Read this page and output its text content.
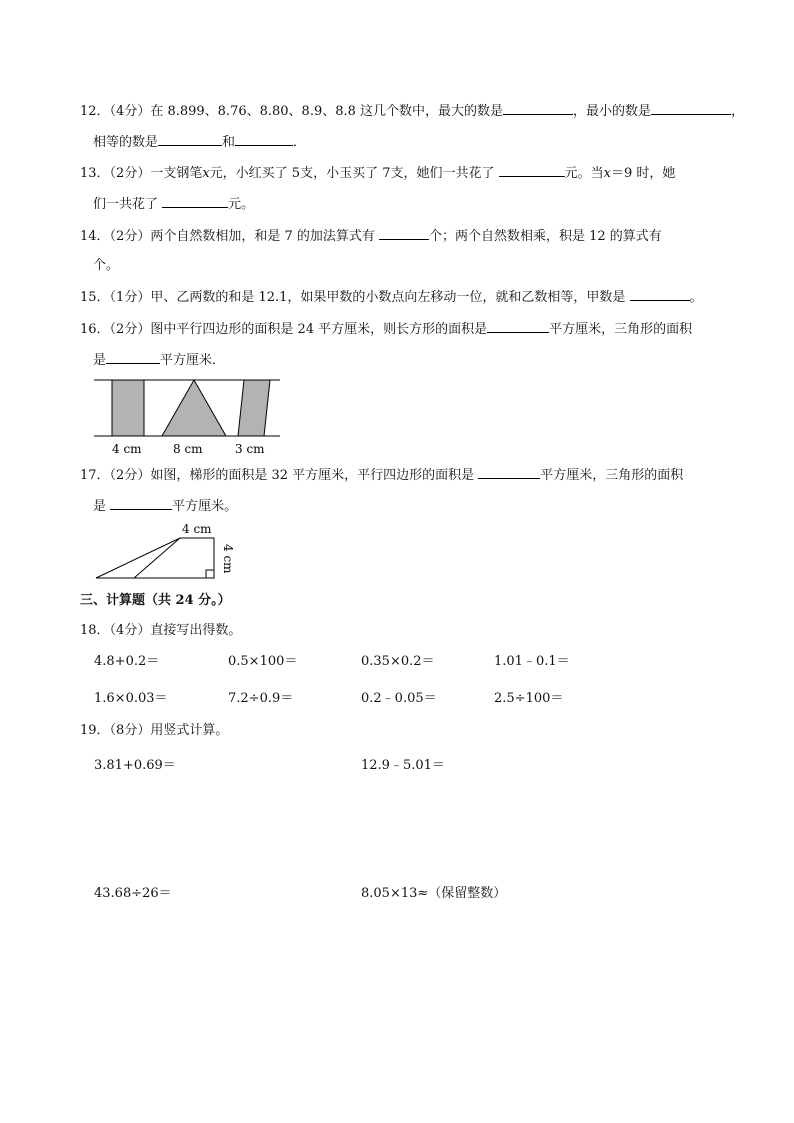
12．（4分）在 8.899、8.76、8.80、8.9、8.8 这几个数中，最大的数是	，最小的数是	，
相等的数是	和	．
13．（2分）一支钢笔x元，小红买了 5支，小玉买了 7支，她们一共花了	元。当x＝9 时，她
们一共花了	元。
14．（2分）两个自然数相加，和是 7 的加法算式有	个；两个自然数相乘，积是 12 的算式有
个。
15．（1分）甲、乙两数的和是 12.1，如果甲数的小数点向左移动一位，就和乙数相等，甲数是	。
16．（2分）图中平行四边形的面积是 24 平方厘米，则长方形的面积是	平方厘米，三角形的面积
是	平方厘米．
4 cm	8 cm	3 cm
17．（2分）如图，梯形的面积是 32 平方厘米，平行四边形的面积是	平方厘米，三角形的面积
是	平方厘米。
4 cm
4 cm
三、计算题（共 24 分。）
18．（4分）直接写出得数。
4.8+0.2＝	0.5×100＝	0.35×0.2＝	1.01﹣0.1＝
1.6×0.03＝	7.2÷0.9＝	0.2﹣0.05＝	2.5÷100＝
19．（8分）用竖式计算。
3.81+0.69＝	12.9﹣5.01＝
43.68÷26＝	8.05×13≈（保留整数）
